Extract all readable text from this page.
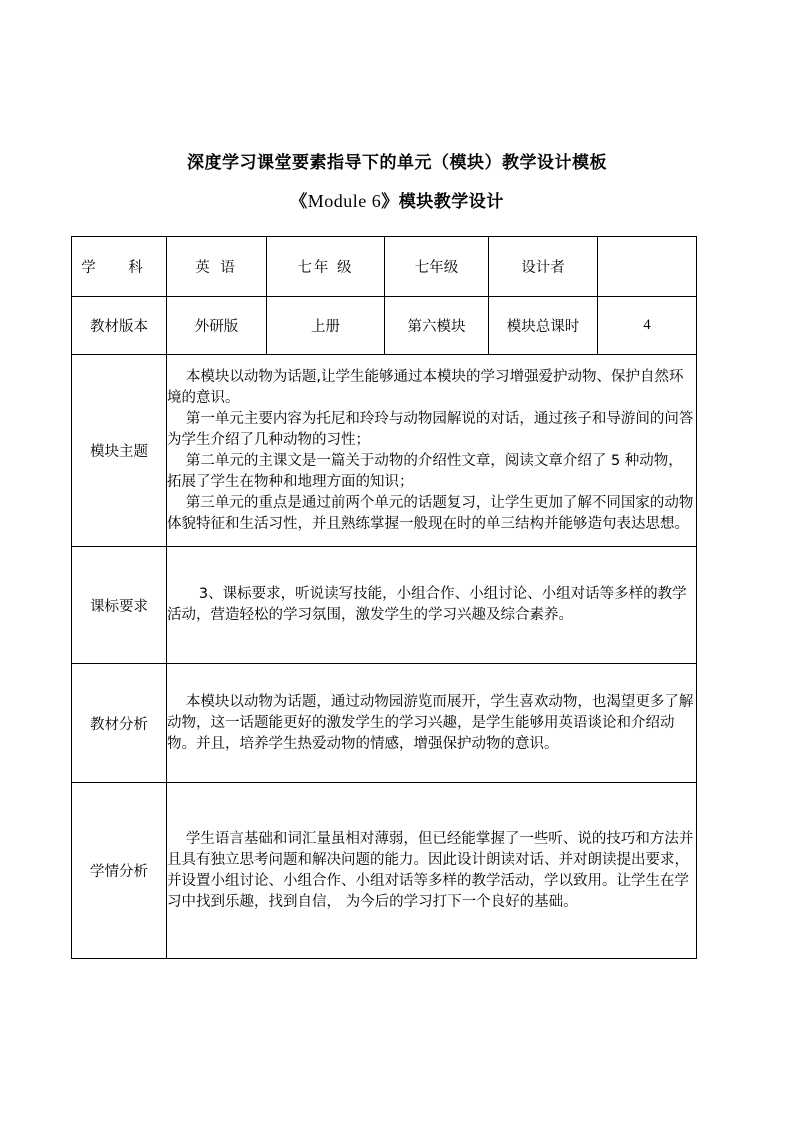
深度学习课堂要素指导下的单元（模块）教学设计模板
《Module 6》模块教学设计
学 科	英 语	七年 级	七年级	设计者	
教材版本	外研版	上册	第六模块	模块总课时	4
模块主题	本模块以动物为话题,让学生能够通过本模块的学习增强爱护动物、保护自然环境的意识。

第一单元主要内容为托尼和玲玲与动物园解说的对话，通过孩子和导游间的问答为学生介绍了几种动物的习性；

第二单元的主课文是一篇关于动物的介绍性文章，阅读文章介绍了 5 种动物，拓展了学生在物种和地理方面的知识；

第三单元的重点是通过前两个单元的话题复习，让学生更加了解不同国家的动物体貌特征和生活习性，并且熟练掌握一般现在时的单三结构并能够造句表达思想。				

课标要求	3、课标要求，听说读写技能，小组合作、小组讨论、小组对话等多样的教学活动，营造轻松的学习氛围，激发学生的学习兴趣及综合素养。				

教材分析	本模块以动物为话题，通过动物园游览而展开，学生喜欢动物，也渴望更多了解动物，这一话题能更好的激发学生的学习兴趣，是学生能够用英语谈论和介绍动物。并且，培养学生热爱动物的情感，增强保护动物的意识。				

学情分析	学生语言基础和词汇量虽相对薄弱，但已经能掌握了一些听、说的技巧和方法并且具有独立思考问题和解决问题的能力。因此设计朗读对话、并对朗读提出要求，并设置小组讨论、小组合作、小组对话等多样的教学活动，学以致用。让学生在学习中找到乐趣，找到自信， 为今后的学习打下一个良好的基础。				
